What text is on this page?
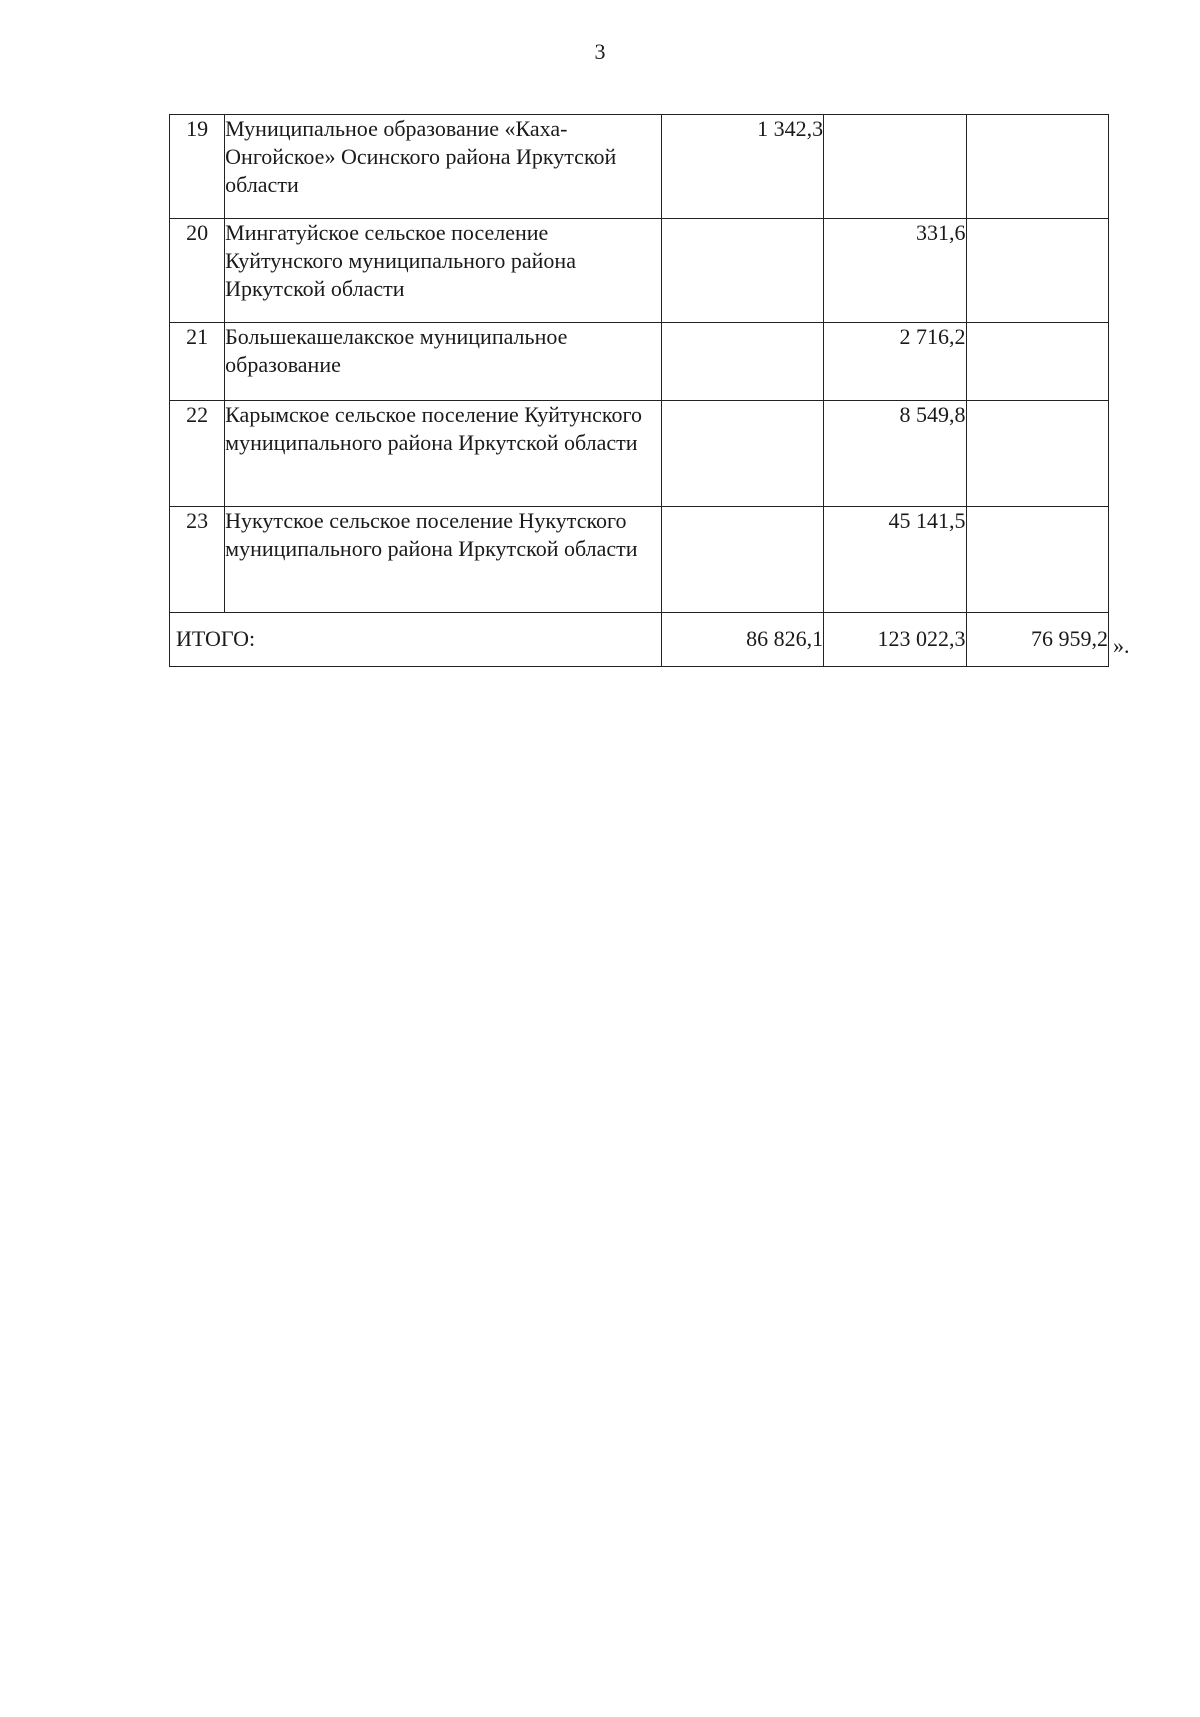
3
19	Муниципальное образование «Каха-Онгойское» Осинского района Иркутской области	1 342,3		
20	Мингатуйское сельское поселение Куйтунского муниципального района Иркутской области		331,6	
21	Большекашелакское муниципальное образование		2 716,2	
22	Карымское сельское поселение Куйтунского муниципального района Иркутской области		8 549,8	
23	Нукутское сельское поселение Нукутского муниципального района Иркутской области		45 141,5	
ИТОГО:		86 826,1	123 022,3	76 959,2 ».
